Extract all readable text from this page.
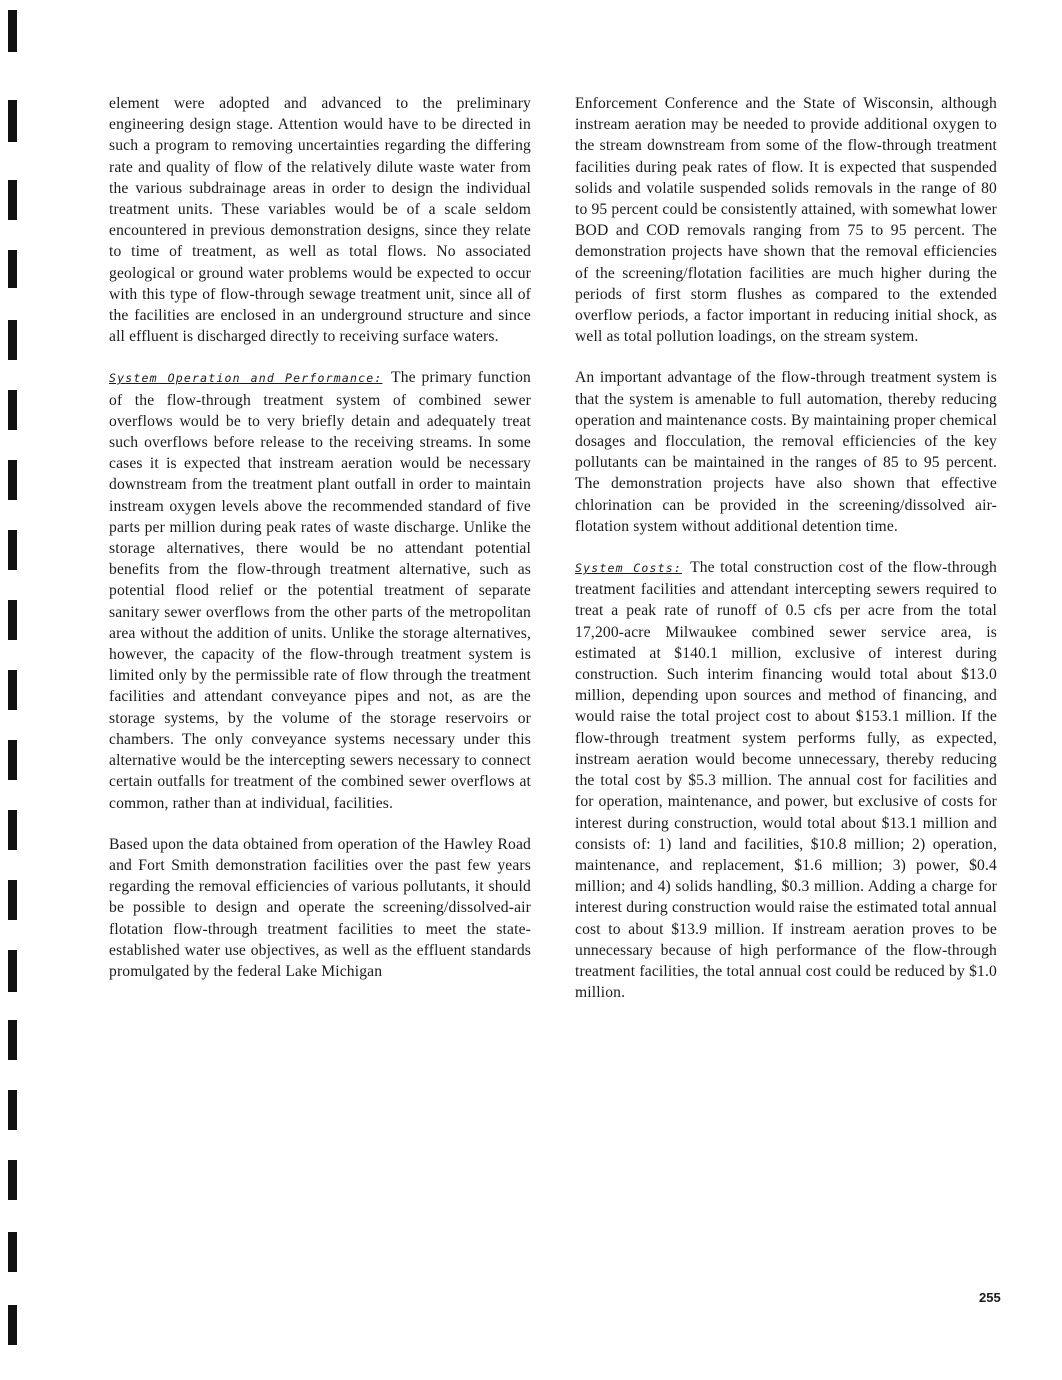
element were adopted and advanced to the preliminary engineering design stage. Attention would have to be directed in such a program to removing uncertainties regarding the differing rate and quality of flow of the relatively dilute waste water from the various subdrainage areas in order to design the individual treatment units. These variables would be of a scale seldom encountered in previous demonstration designs, since they relate to time of treatment, as well as total flows. No associated geological or ground water problems would be expected to occur with this type of flow-through sewage treatment unit, since all of the facilities are enclosed in an underground structure and since all effluent is discharged directly to receiving surface waters.

System Operation and Performance: The primary function of the flow-through treatment system of combined sewer overflows would be to very briefly detain and adequately treat such overflows before release to the receiving streams. In some cases it is expected that instream aeration would be necessary downstream from the treatment plant outfall in order to maintain instream oxygen levels above the recommended standard of five parts per million during peak rates of waste discharge. Unlike the storage alternatives, there would be no attendant potential benefits from the flow-through treatment alternative, such as potential flood relief or the potential treatment of separate sanitary sewer overflows from the other parts of the metropolitan area without the addition of units. Unlike the storage alternatives, however, the capacity of the flow-through treatment system is limited only by the permissible rate of flow through the treatment facilities and attendant conveyance pipes and not, as are the storage systems, by the volume of the storage reservoirs or chambers. The only conveyance systems necessary under this alternative would be the intercepting sewers necessary to connect certain outfalls for treatment of the combined sewer overflows at common, rather than at individual, facilities.

Based upon the data obtained from operation of the Hawley Road and Fort Smith demonstration facilities over the past few years regarding the removal efficiencies of various pollutants, it should be possible to design and operate the screening/dissolved-air flotation flow-through treatment facilities to meet the state-established water use objectives, as well as the effluent standards promulgated by the federal Lake Michigan

Enforcement Conference and the State of Wisconsin, although instream aeration may be needed to provide additional oxygen to the stream downstream from some of the flow-through treatment facilities during peak rates of flow. It is expected that suspended solids and volatile suspended solids removals in the range of 80 to 95 percent could be consistently attained, with somewhat lower BOD and COD removals ranging from 75 to 95 percent. The demonstration projects have shown that the removal efficiencies of the screening/flotation facilities are much higher during the periods of first storm flushes as compared to the extended overflow periods, a factor important in reducing initial shock, as well as total pollution loadings, on the stream system.

An important advantage of the flow-through treatment system is that the system is amenable to full automation, thereby reducing operation and maintenance costs. By maintaining proper chemical dosages and flocculation, the removal efficiencies of the key pollutants can be maintained in the ranges of 85 to 95 percent. The demonstration projects have also shown that effective chlorination can be provided in the screening/dissolved air-flotation system without additional detention time.

System Costs: The total construction cost of the flow-through treatment facilities and attendant intercepting sewers required to treat a peak rate of runoff of 0.5 cfs per acre from the total 17,200-acre Milwaukee combined sewer service area, is estimated at $140.1 million, exclusive of interest during construction. Such interim financing would total about $13.0 million, depending upon sources and method of financing, and would raise the total project cost to about $153.1 million. If the flow-through treatment system performs fully, as expected, instream aeration would become unnecessary, thereby reducing the total cost by $5.3 million. The annual cost for facilities and for operation, maintenance, and power, but exclusive of costs for interest during construction, would total about $13.1 million and consists of: 1) land and facilities, $10.8 million; 2) operation, maintenance, and replacement, $1.6 million; 3) power, $0.4 million; and 4) solids handling, $0.3 million. Adding a charge for interest during construction would raise the estimated total annual cost to about $13.9 million. If instream aeration proves to be unnecessary because of high performance of the flow-through treatment facilities, the total annual cost could be reduced by $1.0 million.

255
